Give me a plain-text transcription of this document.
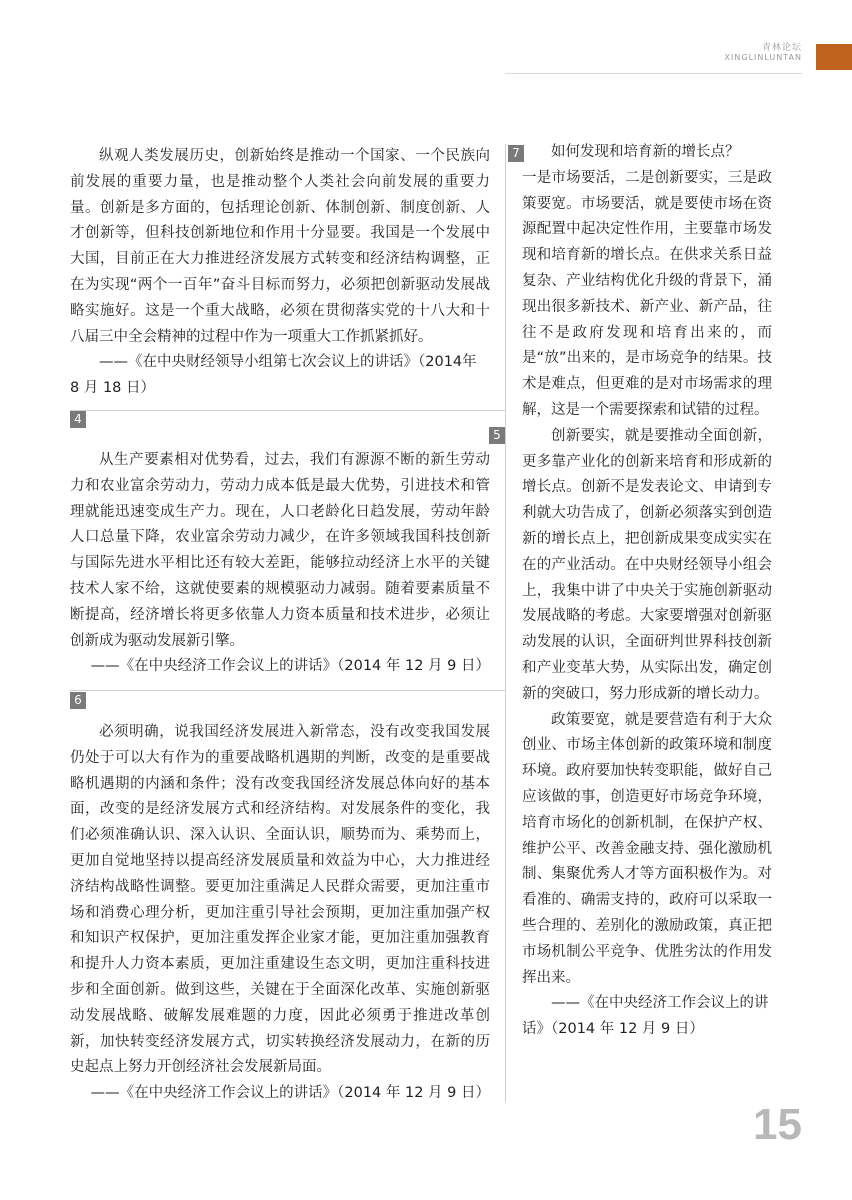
青林论坛
XINGLINLUNTAN

纵观人类发展历史，创新始终是推动一个国家、一个民族向前发展的重要力量，也是推动整个人类社会向前发展的重要力量。创新是多方面的，包括理论创新、体制创新、制度创新、人才创新等，但科技创新地位和作用十分显要。我国是一个发展中大国，目前正在大力推进经济发展方式转变和经济结构调整，正在为实现“两个一百年”奋斗目标而努力，必须把创新驱动发展战略实施好。这是一个重大战略，必须在贯彻落实党的十八大和十八届三中全会精神的过程中作为一项重大工作抓紧抓好。

——《在中央财经领导小组第七次会议上的讲话》（2014年 8 月 18 日）

4

从生产要素相对优势看，过去，我们有源源不断的新生劳动力和农业富余劳动力，劳动力成本低是最大优势，引进技术和管理就能迅速变成生产力。现在，人口老龄化日趋发展，劳动年龄人口总量下降，农业富余劳动力减少，在许多领域我国科技创新与国际先进水平相比还有较大差距，能够拉动经济上水平的关键技术人家不给，这就使要素的规模驱动力减弱。随着要素质量不断提高，经济增长将更多依靠人力资本质量和技术进步，必须让创新成为驱动发展新引擎。

——《在中央经济工作会议上的讲话》（2014 年 12 月 9 日）

5
6

必须明确，说我国经济发展进入新常态，没有改变我国发展仍处于可以大有作为的重要战略机遇期的判断，改变的是重要战略机遇期的内涵和条件；没有改变我国经济发展总体向好的基本面，改变的是经济发展方式和经济结构。对发展条件的变化，我们必须准确认识、深入认识、全面认识，顺势而为、乘势而上，更加自觉地坚持以提高经济发展质量和效益为中心，大力推进经济结构战略性调整。要更加注重满足人民群众需要，更加注重市场和消费心理分析，更加注重引导社会预期，更加注重加强产权和知识产权保护，更加注重发挥企业家才能，更加注重加强教育和提升人力资本素质，更加注重建设生态文明，更加注重科技进步和全面创新。做到这些，关键在于全面深化改革、实施创新驱动发展战略、破解发展难题的力度，因此必须勇于推进改革创新，加快转变经济发展方式，切实转换经济发展动力，在新的历史起点上努力开创经济社会发展新局面。

——《在中央经济工作会议上的讲话》（2014 年 12 月 9 日）

7	如何发现和培育新的增长点？

一是市场要活，二是创新要实，三是政策要宽。市场要活，就是要使市场在资源配置中起决定性作用，主要靠市场发现和培育新的增长点。在供求关系日益复杂、产业结构优化升级的背景下，涌现出很多新技术、新产业、新产品，往往不是政府发现和培育出来的，而是“放”出来的，是市场竞争的结果。技术是难点，但更难的是对市场需求的理解，这是一个需要探索和试错的过程。

创新要实，就是要推动全面创新，更多靠产业化的创新来培育和形成新的增长点。创新不是发表论文、申请到专利就大功告成了，创新必须落实到创造新的增长点上，把创新成果变成实实在在的产业活动。在中央财经领导小组会上，我集中讲了中央关于实施创新驱动发展战略的考虑。大家要增强对创新驱动发展的认识，全面研判世界科技创新和产业变革大势，从实际出发，确定创新的突破口，努力形成新的增长动力。

政策要宽，就是要营造有利于大众创业、市场主体创新的政策环境和制度环境。政府要加快转变职能，做好自己应该做的事，创造更好市场竞争环境，培育市场化的创新机制，在保护产权、维护公平、改善金融支持、强化激励机制、集聚优秀人才等方面积极作为。对看准的、确需支持的，政府可以采取一些合理的、差别化的激励政策，真正把市场机制公平竞争、优胜劣汰的作用发挥出来。

——《在中央经济工作会议上的讲话》（2014 年 12 月 9 日）

15
